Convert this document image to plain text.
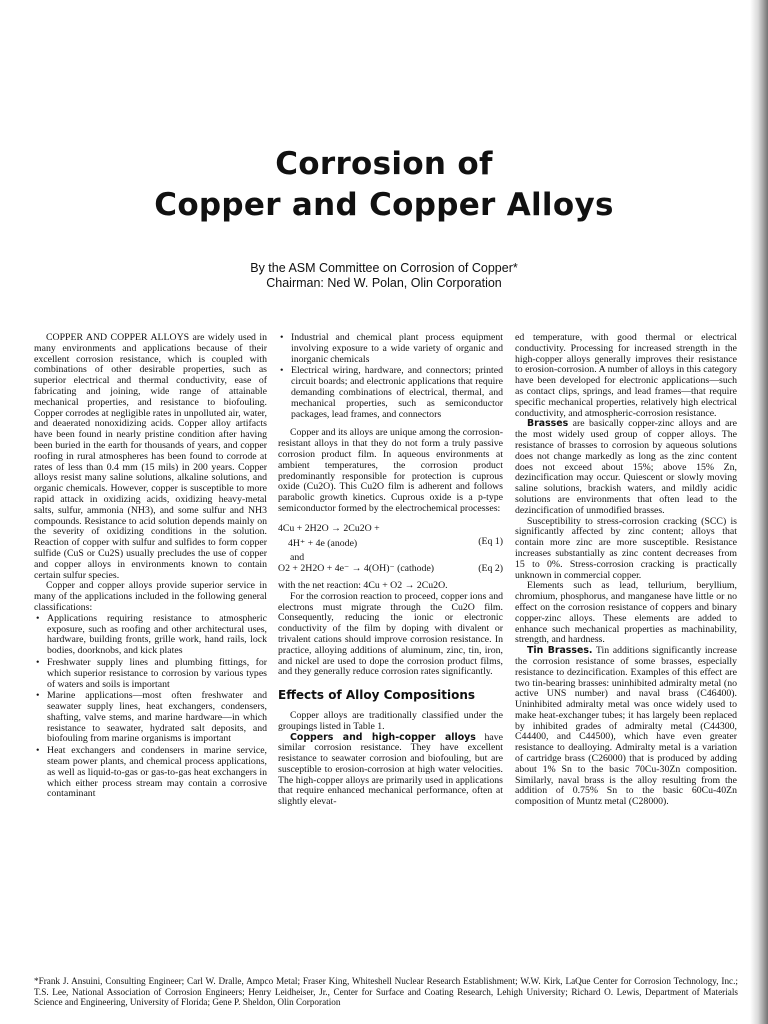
Corrosion of
Copper and Copper Alloys
By the ASM Committee on Corrosion of Copper*
Chairman: Ned W. Polan, Olin Corporation

COPPER AND COPPER ALLOYS are widely used in many environments and applications because of their excellent corrosion resistance, which is coupled with combinations of other desirable properties, such as superior electrical and thermal conductivity, ease of fabricating and joining, wide range of attainable mechanical properties, and resistance to biofouling. Copper corrodes at negligible rates in unpolluted air, water, and deaerated nonoxidizing acids. Copper alloy artifacts have been found in nearly pristine condition after having been buried in the earth for thousands of years, and copper roofing in rural atmospheres has been found to corrode at rates of less than 0.4 mm (15 mils) in 200 years. Copper alloys resist many saline solutions, alkaline solutions, and organic chemicals. However, copper is susceptible to more rapid attack in oxidizing acids, oxidizing heavy-metal salts, sulfur, ammonia (NH3), and some sulfur and NH3 compounds. Resistance to acid solution depends mainly on the severity of oxidizing conditions in the solution. Reaction of copper with sulfur and sulfides to form copper sulfide (CuS or Cu2S) usually precludes the use of copper and copper alloys in environments known to contain certain sulfur species.

Copper and copper alloys provide superior service in many of the applications included in the following general classifications:

• Applications requiring resistance to atmospheric exposure, such as roofing and other architectural uses, hardware, building fronts, grille work, hand rails, lock bodies, doorknobs, and kick plates
• Freshwater supply lines and plumbing fittings, for which superior resistance to corrosion by various types of waters and soils is important
• Marine applications—most often freshwater and seawater supply lines, heat exchangers, condensers, shafting, valve stems, and marine hardware—in which resistance to seawater, hydrated salt deposits, and biofouling from marine organisms is important
• Heat exchangers and condensers in marine service, steam power plants, and chemical process applications, as well as liquid-to-gas or gas-to-gas heat exchangers in which either process stream may contain a corrosive contaminant
• Industrial and chemical plant process equipment involving exposure to a wide variety of organic and inorganic chemicals
• Electrical wiring, hardware, and connectors; printed circuit boards; and electronic applications that require demanding combinations of electrical, thermal, and mechanical properties, such as semiconductor packages, lead frames, and connectors

Copper and its alloys are unique among the corrosion-resistant alloys in that they do not form a truly passive corrosion product film. In aqueous environments at ambient temperatures, the corrosion product predominantly responsible for protection is cuprous oxide (Cu2O). This Cu2O film is adherent and follows parabolic growth kinetics. Cuprous oxide is a p-type semiconductor formed by the electrochemical processes:

4Cu + 2H2O → 2Cu2O +
4H⁺ + 4e (anode)	(Eq 1)

and

O2 + 2H2O + 4e⁻ → 4(OH)⁻ (cathode)	(Eq 2)

with the net reaction: 4Cu + O2 → 2Cu2O.

For the corrosion reaction to proceed, copper ions and electrons must migrate through the Cu2O film. Consequently, reducing the ionic or electronic conductivity of the film by doping with divalent or trivalent cations should improve corrosion resistance. In practice, alloying additions of aluminum, zinc, tin, iron, and nickel are used to dope the corrosion product films, and they generally reduce corrosion rates significantly.

Effects of Alloy Compositions

Copper alloys are traditionally classified under the groupings listed in Table 1.

Coppers and high-copper alloys have similar corrosion resistance. They have excellent resistance to seawater corrosion and biofouling, but are susceptible to erosion-corrosion at high water velocities. The high-copper alloys are primarily used in applications that require enhanced mechanical performance, often at slightly elevat-

ed temperature, with good thermal or electrical conductivity. Processing for increased strength in the high-copper alloys generally improves their resistance to erosion-corrosion. A number of alloys in this category have been developed for electronic applications—such as contact clips, springs, and lead frames—that require specific mechanical properties, relatively high electrical conductivity, and atmospheric-corrosion resistance.

Brasses are basically copper-zinc alloys and are the most widely used group of copper alloys. The resistance of brasses to corrosion by aqueous solutions does not change markedly as long as the zinc content does not exceed about 15%; above 15% Zn, dezincification may occur. Quiescent or slowly moving saline solutions, brackish waters, and mildly acidic solutions are environments that often lead to the dezincification of unmodified brasses.

Susceptibility to stress-corrosion cracking (SCC) is significantly affected by zinc content; alloys that contain more zinc are more susceptible. Resistance increases substantially as zinc content decreases from 15 to 0%. Stress-corrosion cracking is practically unknown in commercial copper.

Elements such as lead, tellurium, beryllium, chromium, phosphorus, and manganese have little or no effect on the corrosion resistance of coppers and binary copper-zinc alloys. These elements are added to enhance such mechanical properties as machinability, strength, and hardness.

Tin Brasses. Tin additions significantly increase the corrosion resistance of some brasses, especially resistance to dezincification. Examples of this effect are two tin-bearing brasses: uninhibited admiralty metal (no active UNS number) and naval brass (C46400). Uninhibited admiralty metal was once widely used to make heat-exchanger tubes; it has largely been replaced by inhibited grades of admiralty metal (C44300, C44400, and C44500), which have even greater resistance to dealloying. Admiralty metal is a variation of cartridge brass (C26000) that is produced by adding about 1% Sn to the basic 70Cu-30Zn composition. Similarly, naval brass is the alloy resulting from the addition of 0.75% Sn to the basic 60Cu-40Zn composition of Muntz metal (C28000).

*Frank J. Ansuini, Consulting Engineer; Carl W. Dralle, Ampco Metal; Fraser King, Whiteshell Nuclear Research Establishment; W.W. Kirk, LaQue Center for Corrosion Technology, Inc.; T.S. Lee, National Association of Corrosion Engineers; Henry Leidheiser, Jr., Center for Surface and Coating Research, Lehigh University; Richard O. Lewis, Department of Materials Science and Engineering, University of Florida; Gene P. Sheldon, Olin Corporation
